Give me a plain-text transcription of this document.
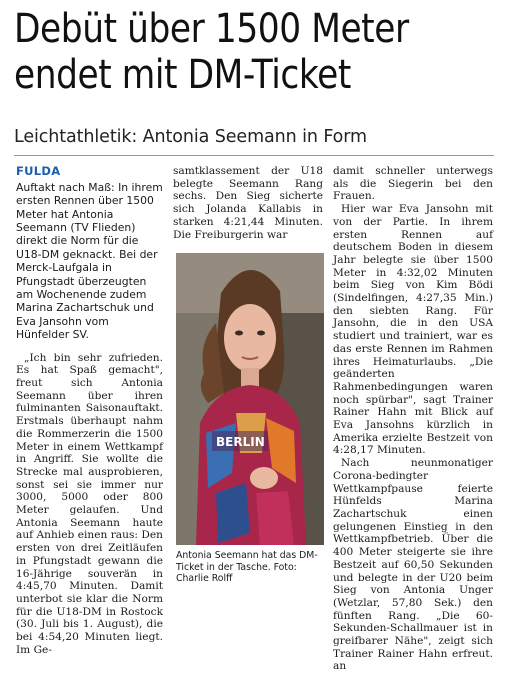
Debüt über 1500 Meter
endet mit DM-Ticket
Leichtathletik: Antonia Seemann in Form
FULDA

Auftakt nach Maß: In ihrem ersten Rennen über 1500 Meter hat Antonia Seemann (TV Flieden) direkt die Norm für die U18-DM geknackt. Bei der Merck-Laufgala in Pfungstadt überzeugten am Wochenende zudem Marina Zachartschuk und Eva Jansohn vom Hünfelder SV.

„Ich bin sehr zufrieden. Es hat Spaß gemacht", freut sich Antonia Seemann über ihren fulminanten Saisonauftakt. Erstmals überhaupt nahm die Rommerzerin die 1500 Meter in einem Wettkampf in Angriff. Sie wollte die Strecke mal ausprobieren, sonst sei sie immer nur 3000, 5000 oder 800 Meter gelaufen. Und Antonia Seemann haute auf Anhieb einen raus: Den ersten von drei Zeitläufen in Pfungstadt gewann die 16-Jährige souverän in 4:45,70 Minuten. Damit unterbot sie klar die Norm für die U18-DM in Rostock (30. Juli bis 1. August), die bei 4:54,20 Minuten liegt. Im Ge-

samtklassement der U18 belegte Seemann Rang sechs. Den Sieg sicherte sich Jolanda Kallabis in starken 4:21,44 Minuten. Die Freiburgerin war

BERLIN
Antonia Seemann hat das DM-Ticket in der Tasche. Foto: Charlie Rolff

damit schneller unterwegs als die Siegerin bei den Frauen.

Hier war Eva Jansohn mit von der Partie. In ihrem ersten Rennen auf deutschem Boden in diesem Jahr belegte sie über 1500 Meter in 4:32,02 Minuten beim Sieg von Kim Bödi (Sindelfingen, 4:27,35 Min.) den siebten Rang. Für Jansohn, die in den USA studiert und trainiert, war es das erste Rennen im Rahmen ihres Heimaturlaubs. „Die geänderten Rahmenbedingungen waren noch spürbar", sagt Trainer Rainer Hahn mit Blick auf Eva Jansohns kürzlich in Amerika erzielte Bestzeit von 4:28,17 Minuten.

Nach neunmonatiger Corona-bedingter Wettkampfpause feierte Hünfelds Marina Zachartschuk einen gelungenen Einstieg in den Wettkampfbetrieb. Über die 400 Meter steigerte sie ihre Bestzeit auf 60,50 Sekunden und belegte in der U20 beim Sieg von Antonia Unger (Wetzlar, 57,80 Sek.) den fünften Rang. „Die 60-Sekunden-Schallmauer ist in greifbarer Nähe", zeigt sich Trainer Rainer Hahn erfreut. an
